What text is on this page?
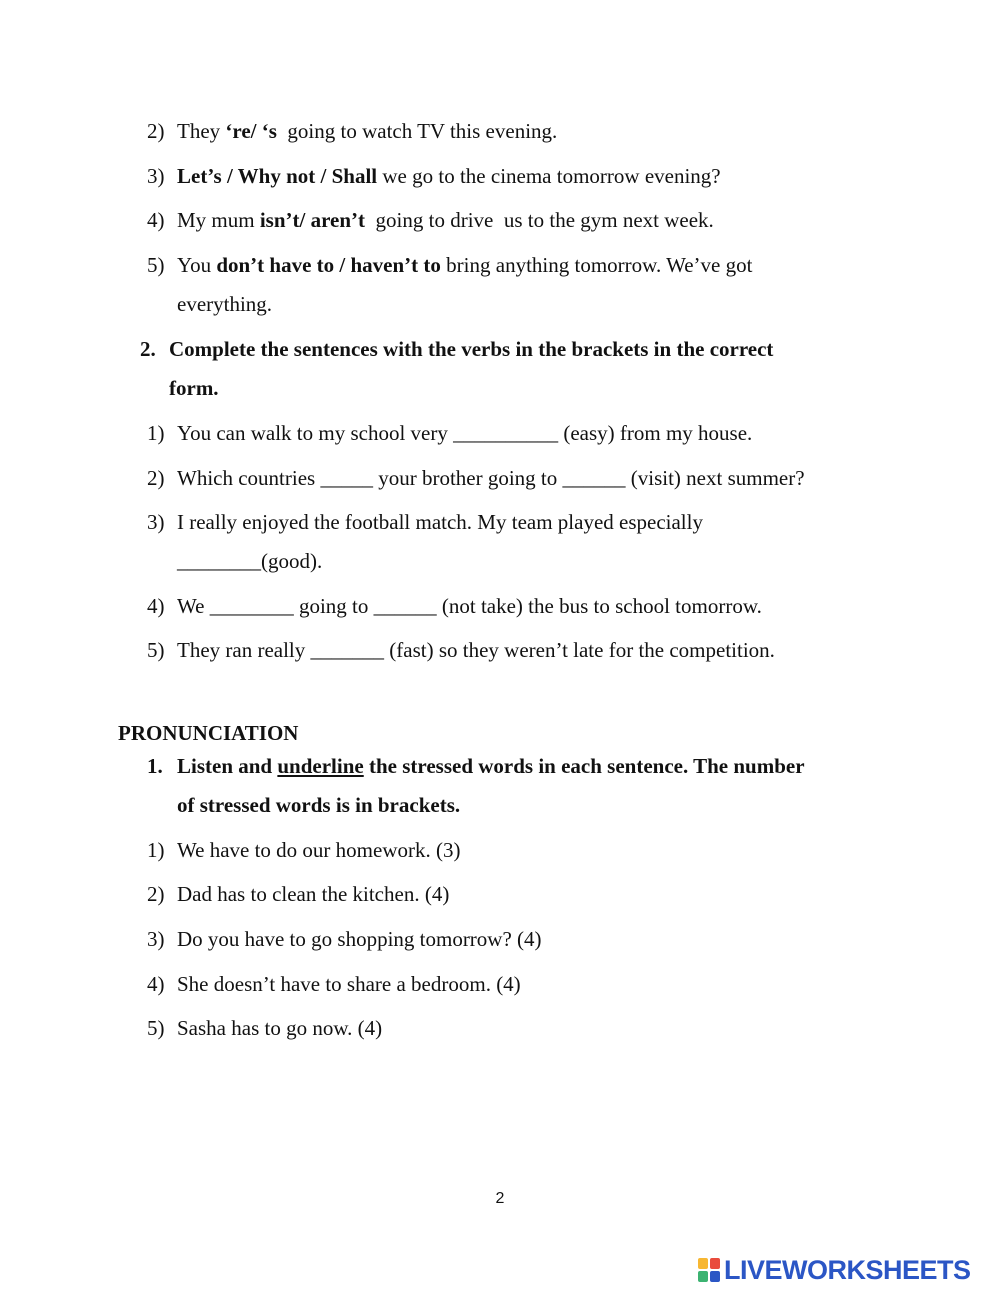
2) They ‘re/ ‘s  going to watch TV this evening.
3) Let’s / Why not / Shall we go to the cinema tomorrow evening?
4) My mum isn’t/ aren’t  going to drive  us to the gym next week.
5) You don’t have to / haven’t to bring anything tomorrow. We’ve got
everything.
2. Complete the sentences with the verbs in the brackets in the correct
form.
1) You can walk to my school very __________ (easy) from my house.
2) Which countries _____ your brother going to ______ (visit) next summer?
3) I really enjoyed the football match. My team played especially
________(good).
4) We ________ going to ______ (not take) the bus to school tomorrow.
5) They ran really _______ (fast) so they weren’t late for the competition.
PRONUNCIATION
1. Listen and underline the stressed words in each sentence. The number
of stressed words is in brackets.
1) We have to do our homework. (3)
2) Dad has to clean the kitchen. (4)
3) Do you have to go shopping tomorrow? (4)
4) She doesn’t have to share a bedroom. (4)
5) Sasha has to go now. (4)
2
LIVEWORKSHEETS
